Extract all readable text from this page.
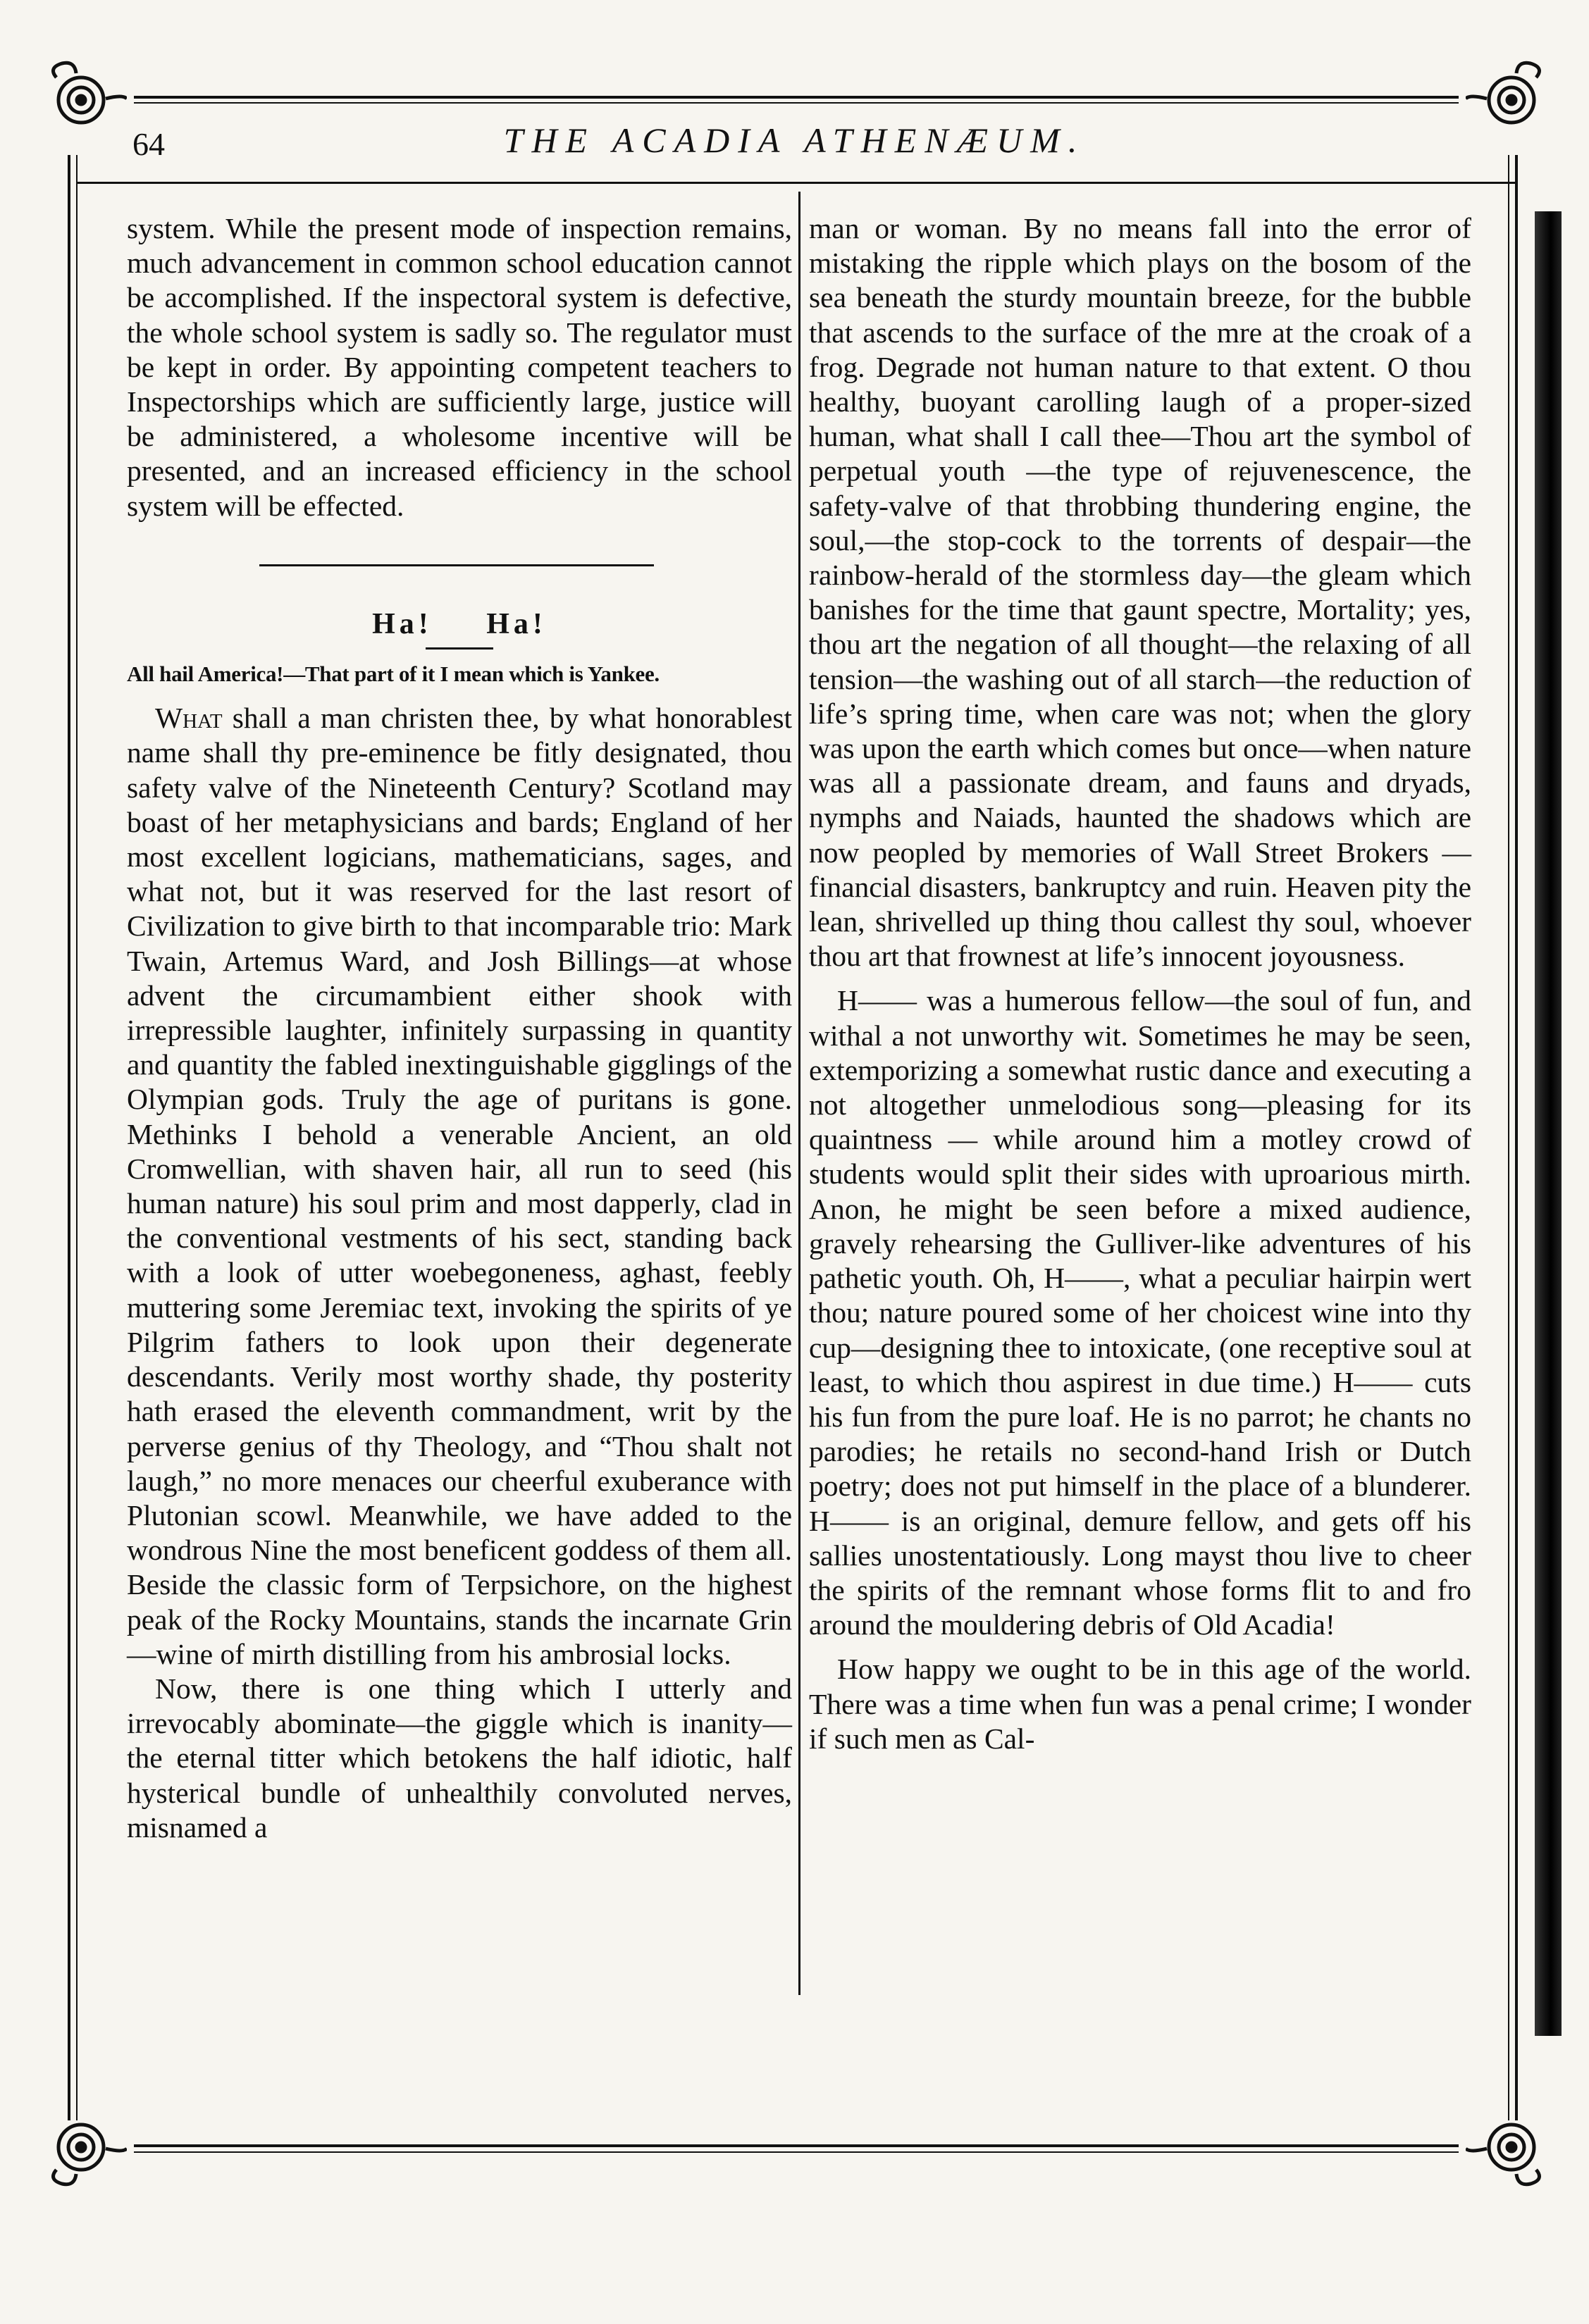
64	THE ACADIA ATHENÆUM.

system. While the present mode of inspection remains, much advancement in common school education cannot be accomplished. If the inspectoral system is defective, the whole school system is sadly so. The regulator must be kept in order. By appointing competent teachers to Inspectorships which are sufficiently large, justice will be administered, a wholesome incentive will be presented, and an increased efficiency in the school system will be effected.

Ha! Ha!
All hail America!—That part of it I mean which is Yankee.

What shall a man christen thee, by what honorablest name shall thy pre-eminence be fitly designated, thou safety valve of the Nineteenth Century? Scotland may boast of her metaphysicians and bards; England of her most excellent logicians, mathematicians, sages, and what not, but it was reserved for the last resort of Civilization to give birth to that incomparable trio: Mark Twain, Artemus Ward, and Josh Billings—at whose advent the circumambient either shook with irrepressible laughter, infinitely surpassing in quantity and quantity the fabled inextinguishable gigglings of the Olympian gods. Truly the age of puritans is gone. Methinks I behold a venerable Ancient, an old Cromwellian, with shaven hair, all run to seed (his human nature) his soul prim and most dapperly, clad in the conventional vestments of his sect, standing back with a look of utter woebegoneness, aghast, feebly muttering some Jeremiac text, invoking the spirits of ye Pilgrim fathers to look upon their degenerate descendants. Verily most worthy shade, thy posterity hath erased the eleventh commandment, writ by the perverse genius of thy Theology, and “Thou shalt not laugh,” no more menaces our cheerful exuberance with Plutonian scowl. Meanwhile, we have added to the wondrous Nine the most beneficent goddess of them all. Beside the classic form of Terpsichore, on the highest peak of the Rocky Mountains, stands the incarnate Grin—wine of mirth distilling from his ambrosial locks.

Now, there is one thing which I utterly and irrevocably abominate—the giggle which is inanity—the eternal titter which betokens the half idiotic, half hysterical bundle of unhealthily convoluted nerves, misnamed a

man or woman. By no means fall into the error of mistaking the ripple which plays on the bosom of the sea beneath the sturdy mountain breeze, for the bubble that ascends to the surface of the mre at the croak of a frog. Degrade not human nature to that extent. O thou healthy, buoyant carolling laugh of a proper-sized human, what shall I call thee—Thou art the symbol of perpetual youth —the type of rejuvenescence, the safety-valve of that throbbing thundering engine, the soul,—the stop-cock to the torrents of despair—the rainbow-herald of the stormless day—the gleam which banishes for the time that gaunt spectre, Mortality; yes, thou art the negation of all thought—the relaxing of all tension—the washing out of all starch—the reduction of life’s spring time, when care was not; when the glory was upon the earth which comes but once—when nature was all a passionate dream, and fauns and dryads, nymphs and Naiads, haunted the shadows which are now peopled by memories of Wall Street Brokers — financial disasters, bankruptcy and ruin. Heaven pity the lean, shrivelled up thing thou callest thy soul, whoever thou art that frownest at life’s innocent joyousness.

H—— was a humerous fellow—the soul of fun, and withal a not unworthy wit. Sometimes he may be seen, extemporizing a somewhat rustic dance and executing a not altogether unmelodious song—pleasing for its quaintness — while around him a motley crowd of students would split their sides with uproarious mirth. Anon, he might be seen before a mixed audience, gravely rehearsing the Gulliver-like adventures of his pathetic youth. Oh, H——, what a peculiar hairpin wert thou; nature poured some of her choicest wine into thy cup—designing thee to intoxicate, (one receptive soul at least, to which thou aspirest in due time.) H—— cuts his fun from the pure loaf. He is no parrot; he chants no parodies; he retails no second-hand Irish or Dutch poetry; does not put himself in the place of a blunderer. H—— is an original, demure fellow, and gets off his sallies unostentatiously. Long mayst thou live to cheer the spirits of the remnant whose forms flit to and fro around the mouldering debris of Old Acadia!

How happy we ought to be in this age of the world. There was a time when fun was a penal crime; I wonder if such men as Cal-
